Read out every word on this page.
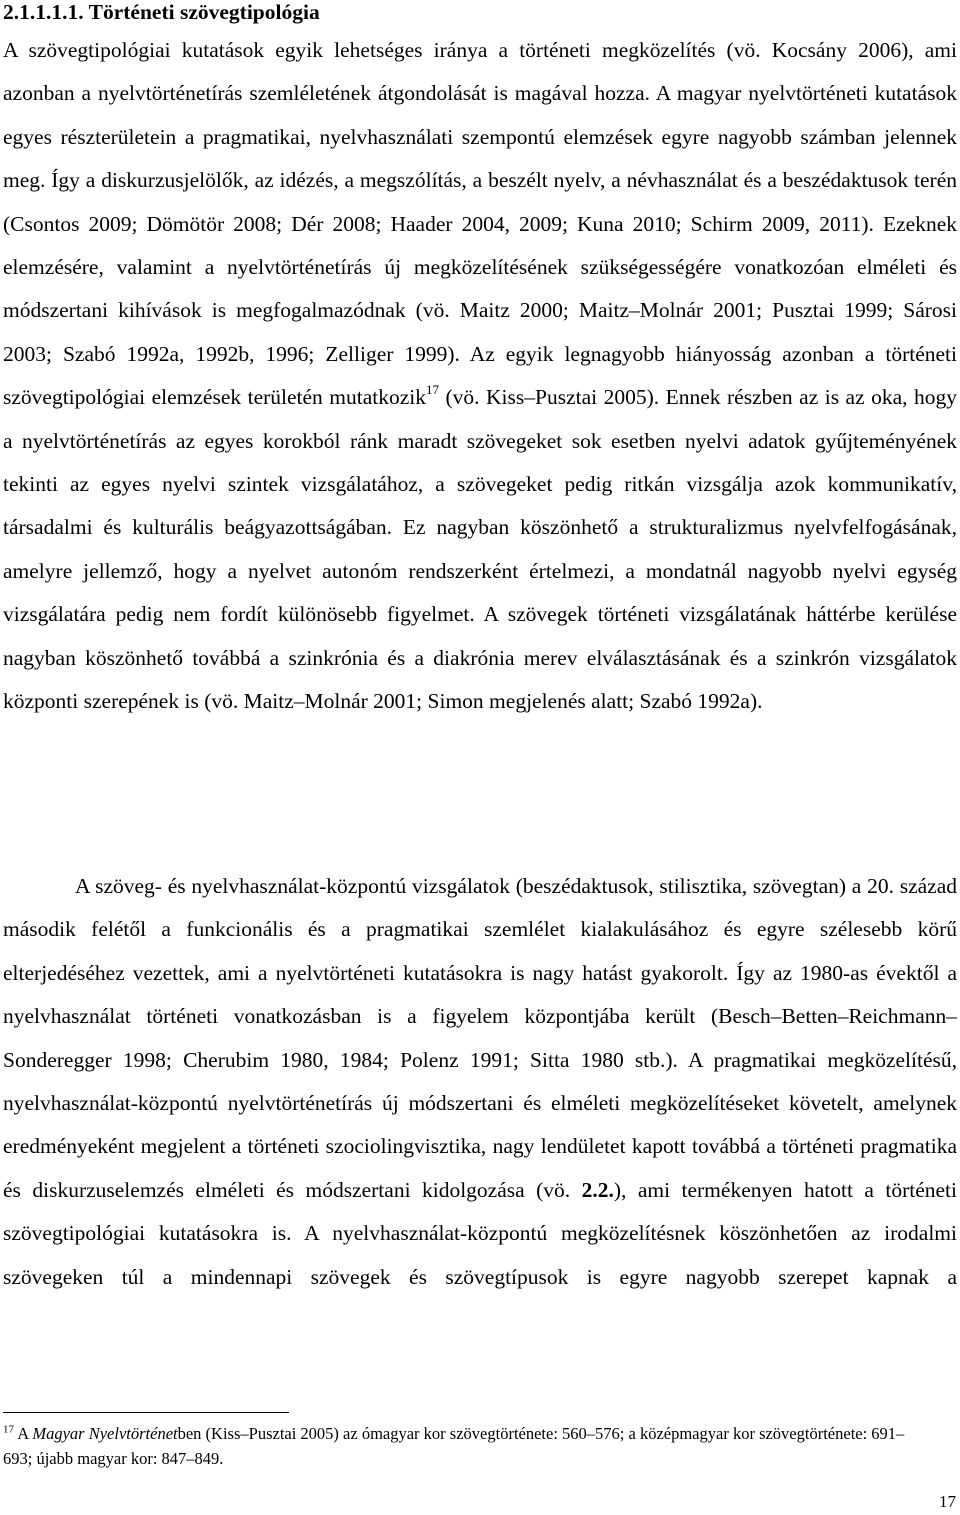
2.1.1.1.1. Történeti szövegtipológia

A szövegtipológiai kutatások egyik lehetséges iránya a történeti megközelítés (vö. Kocsány 2006), ami azonban a nyelvtörténetírás szemléletének átgondolását is magával hozza. A magyar nyelvtörténeti kutatások egyes részterületein a pragmatikai, nyelvhasználati szempontú elemzések egyre nagyobb számban jelennek meg. Így a diskurzusjelölők, az idézés, a megszólítás, a beszélt nyelv, a névhasználat és a beszédaktusok terén (Csontos 2009; Dömötör 2008; Dér 2008; Haader 2004, 2009; Kuna 2010; Schirm 2009, 2011). Ezeknek elemzésére, valamint a nyelvtörténetírás új megközelítésének szükségességére vonatkozóan elméleti és módszertani kihívások is megfogalmazódnak (vö. Maitz 2000; Maitz–Molnár 2001; Pusztai 1999; Sárosi 2003; Szabó 1992a, 1992b, 1996; Zelliger 1999). Az egyik legnagyobb hiányosság azonban a történeti szövegtipológiai elemzések területén mutatkozik$^{17}$ (vö. Kiss–Pusztai 2005). Ennek részben az is az oka, hogy a nyelvtörténetírás az egyes korokból ránk maradt szövegeket sok esetben nyelvi adatok gyűjteményének tekinti az egyes nyelvi szintek vizsgálatához, a szövegeket pedig ritkán vizsgálja azok kommunikatív, társadalmi és kulturális beágyazottságában. Ez nagyban köszönhető a strukturalizmus nyelvfelfogásának, amelyre jellemző, hogy a nyelvet autonóm rendszerként értelmezi, a mondatnál nagyobb nyelvi egység vizsgálatára pedig nem fordít különösebb figyelmet. A szövegek történeti vizsgálatának háttérbe kerülése nagyban köszönhető továbbá a szinkrónia és a diakrónia merev elválasztásának és a szinkrón vizsgálatok központi szerepének is (vö. Maitz–Molnár 2001; Simon megjelenés alatt; Szabó 1992a).

A szöveg- és nyelvhasználat-központú vizsgálatok (beszédaktusok, stilisztika, szövegtan) a 20. század második felétől a funkcionális és a pragmatikai szemlélet kialakulásához és egyre szélesebb körű elterjedéséhez vezettek, ami a nyelvtörténeti kutatásokra is nagy hatást gyakorolt. Így az 1980-as évektől a nyelvhasználat történeti vonatkozásban is a figyelem központjába került (Besch–Betten–Reichmann–Sonderegger 1998; Cherubim 1980, 1984; Polenz 1991; Sitta 1980 stb.). A pragmatikai megközelítésű, nyelvhasználat-központú nyelvtörténetírás új módszertani és elméleti megközelítéseket követelt, amelynek eredményeként megjelent a történeti szociolingvisztika, nagy lendületet kapott továbbá a történeti pragmatika és diskurzuselemzés elméleti és módszertani kidolgozása (vö. 2.2.), ami termékenyen hatott a történeti szövegtipológiai kutatásokra is. A nyelvhasználat-központú megközelítésnek köszönhetően az irodalmi szövegeken túl a mindennapi szövegek és szövegtípusok is egyre nagyobb szerepet kapnak a

$^{17}$ A Magyar Nyelvtörténetben (Kiss–Pusztai 2005) az ómagyar kor szövegtörténete: 560–576; a középmagyar kor szövegtörténete: 691–693; újabb magyar kor: 847–849.

17
